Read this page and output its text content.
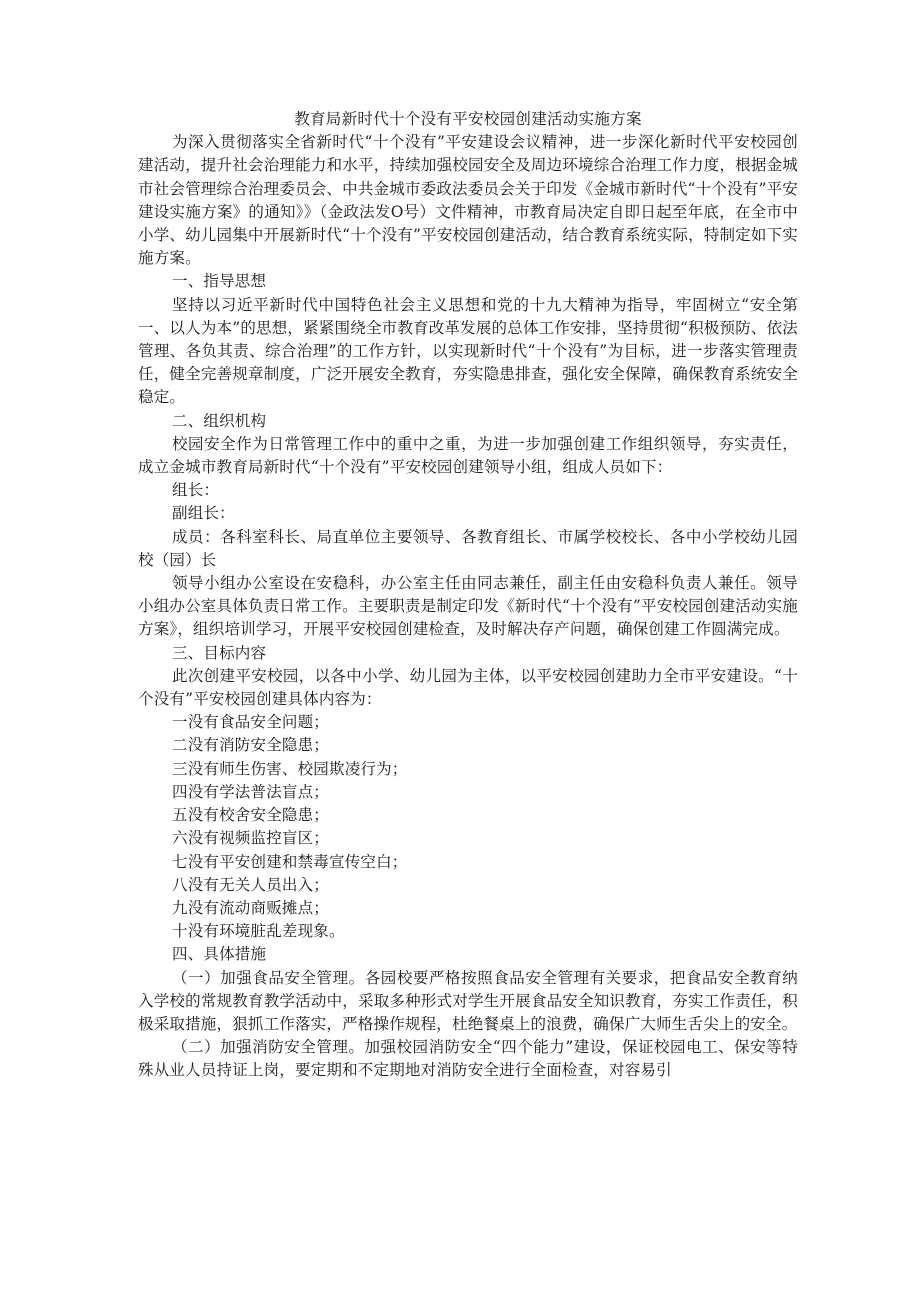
教育局新时代十个没有平安校园创建活动实施方案

为深入贯彻落实全省新时代“十个没有”平安建设会议精神，进一步深化新时代平安校园创建活动，提升社会治理能力和水平，持续加强校园安全及周边环境综合治理工作力度，根据金城市社会管理综合治理委员会、中共金城市委政法委员会关于印发《金城市新时代“十个没有”平安建设实施方案》的通知》》（金政法发O号）文件精神，市教育局决定自即日起至年底，在全市中小学、幼儿园集中开展新时代“十个没有”平安校园创建活动，结合教育系统实际，特制定如下实施方案。

一、指导思想

坚持以习近平新时代中国特色社会主义思想和党的十九大精神为指导，牢固树立“安全第一、以人为本”的思想，紧紧围绕全市教育改革发展的总体工作安排，坚持贯彻“积极预防、依法管理、各负其责、综合治理”的工作方针，以实现新时代“十个没有”为目标，进一步落实管理责任，健全完善规章制度，广泛开展安全教育，夯实隐患排查，强化安全保障，确保教育系统安全稳定。

二、组织机构

校园安全作为日常管理工作中的重中之重，为进一步加强创建工作组织领导，夯实责任，成立金城市教育局新时代“十个没有”平安校园创建领导小组，组成人员如下：

组长：

副组长：

成员：各科室科长、局直单位主要领导、各教育组长、市属学校校长、各中小学校幼儿园校（园）长

领导小组办公室设在安稳科，办公室主任由同志兼任，副主任由安稳科负责人兼任。领导小组办公室具体负责日常工作。主要职责是制定印发《新时代“十个没有”平安校园创建活动实施方案》，组织培训学习，开展平安校园创建检查，及时解决存产问题，确保创建工作圆满完成。

三、目标内容

此次创建平安校园，以各中小学、幼儿园为主体，以平安校园创建助力全市平安建设。“十个没有”平安校园创建具体内容为：

一没有食品安全问题；

二没有消防安全隐患；

三没有师生伤害、校园欺凌行为；

四没有学法普法盲点；

五没有校舍安全隐患；

六没有视频监控盲区；

七没有平安创建和禁毒宣传空白；

八没有无关人员出入；

九没有流动商贩摊点；

十没有环境脏乱差现象。

四、具体措施

（一）加强食品安全管理。各园校要严格按照食品安全管理有关要求，把食品安全教育纳入学校的常规教育教学活动中，采取多种形式对学生开展食品安全知识教育，夯实工作责任，积极采取措施，狠抓工作落实，严格操作规程，杜绝餐桌上的浪费，确保广大师生舌尖上的安全。

（二）加强消防安全管理。加强校园消防安全“四个能力”建设，保证校园电工、保安等特殊从业人员持证上岗，要定期和不定期地对消防安全进行全面检查，对容易引
